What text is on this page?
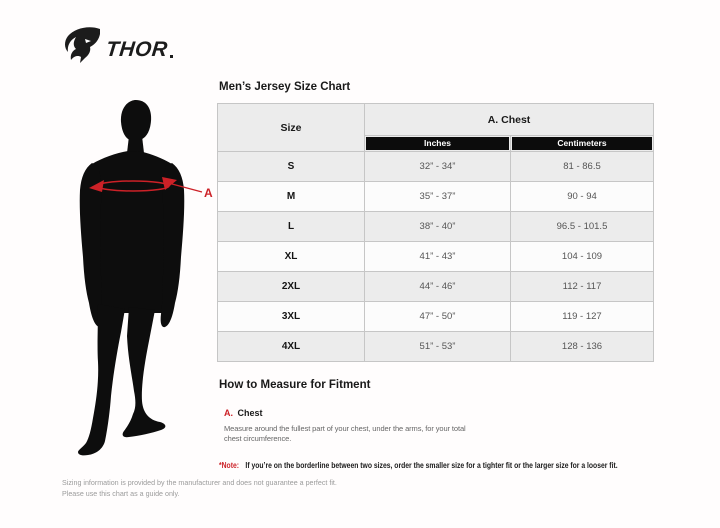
THOR
A
Men’s Jersey Size Chart
Size	A. Chest	

	Inches	Centimeters

S	32” - 34”	81 - 86.5
M	35” - 37”	90 - 94
L	38” - 40”	96.5 - 101.5
XL	41” - 43”	104 - 109
2XL	44” - 46”	112 - 117
3XL	47” - 50”	119 - 127
4XL	51” - 53”	128 - 136
How to Measure for Fitment
A. Chest
Measure around the fullest part of your chest, under the arms, for your total chest circumference.
*Note: If you’re on the borderline between two sizes, order the smaller size for a tighter fit or the larger size for a looser fit.
Sizing information is provided by the manufacturer and does not guarantee a perfect fit.
Please use this chart as a guide only.
